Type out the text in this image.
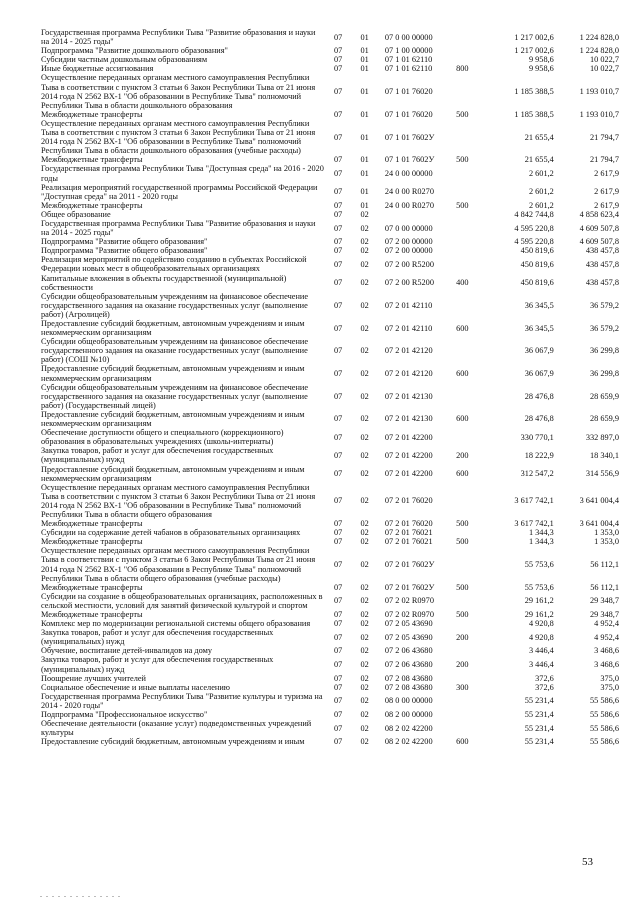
Государственная программа Республики Тыва "Развитие образования и науки на 2014 - 2025 годы"	07	01	07 0 00 00000		1 217 002,6	1 224 828,0
Подпрограмма "Развитие дошкольного образования"	07	01	07 1 00 00000		1 217 002,6	1 224 828,0
Субсидии частным дошкольным образованиям	07	01	07 1 01 62110		9 958,6	10 022,7
Иные бюджетные ассигнования	07	01	07 1 01 62110	800	9 958,6	10 022,7
Осуществление переданных органам местного самоуправления Республики Тыва в соответствии с пунктом 3 статьи 6 Закон Республики Тыва от 21 июня 2014 года N 2562 ВХ-1 "Об образовании в Республике Тыва" полномочий Республики Тыва в области дошкольного образования	07	01	07 1 01 76020		1 185 388,5	1 193 010,7
Межбюджетные трансферты	07	01	07 1 01 76020	500	1 185 388,5	1 193 010,7
Осуществление переданных органам местного самоуправления Республики Тыва в соответствии с пунктом 3 статьи 6 Закон Республики Тыва от 21 июня 2014 года N 2562 ВХ-1 "Об образовании в Республике Тыва" полномочий Республики Тыва в области дошкольного образования (учебные расходы)	07	01	07 1 01 7602У		21 655,4	21 794,7
Межбюджетные трансферты	07	01	07 1 01 7602У	500	21 655,4	21 794,7
Государственная программа Республики Тыва "Доступная среда" на 2016 - 2020 годы	07	01	24 0 00 00000		2 601,2	2 617,9
Реализация мероприятий государственной программы Российской Федерации "Доступная среда" на 2011 - 2020 годы	07	01	24 0 00 R0270		2 601,2	2 617,9
Межбюджетные трансферты	07	01	24 0 00 R0270	500	2 601,2	2 617,9
Общее образование	07	02			4 842 744,8	4 858 623,4
Государственная программа Республики Тыва "Развитие образования и науки на 2014 - 2025 годы"	07	02	07 0 00 00000		4 595 220,8	4 609 507,8
Подпрограмма "Развитие общего образования"	07	02	07 2 00 00000		4 595 220,8	4 609 507,8
Подпрограмма "Развитие общего образования"	07	02	07 2 00 00000		450 819,6	438 457,8
Реализация мероприятий по содействию созданию в субъектах Российской Федерации новых мест в общеобразовательных организациях	07	02	07 2 00 R5200		450 819,6	438 457,8
Капитальные вложения в объекты государственной (муниципальной) собственности	07	02	07 2 00 R5200	400	450 819,6	438 457,8
Субсидии общеобразовательным учреждениям на финансовое обеспечение государственного задания на оказание государственных услуг (выполнение работ) (Агролицей)	07	02	07 2 01 42110		36 345,5	36 579,2
Предоставление субсидий бюджетным, автономным учреждениям и иным некоммерческим организациям	07	02	07 2 01 42110	600	36 345,5	36 579,2
Субсидии общеобразовательным учреждениям на финансовое обеспечение государственного задания на оказание государственных услуг (выполнение работ) (СОШ №10)	07	02	07 2 01 42120		36 067,9	36 299,8
Предоставление субсидий бюджетным, автономным учреждениям и иным некоммерческим организациям	07	02	07 2 01 42120	600	36 067,9	36 299,8
Субсидии общеобразовательным учреждениям на финансовое обеспечение государственного задания на оказание государственных услуг (выполнение работ) (Государственный лицей)	07	02	07 2 01 42130		28 476,8	28 659,9
Предоставление субсидий бюджетным, автономным учреждениям и иным некоммерческим организациям	07	02	07 2 01 42130	600	28 476,8	28 659,9
Обеспечение доступности общего и специального (коррекционного) образования в образовательных учреждениях (школы-интернаты)	07	02	07 2 01 42200		330 770,1	332 897,0
Закупка товаров, работ и услуг для обеспечения государственных (муниципальных) нужд	07	02	07 2 01 42200	200	18 222,9	18 340,1
Предоставление субсидий бюджетным, автономным учреждениям и иным некоммерческим организациям	07	02	07 2 01 42200	600	312 547,2	314 556,9
Осуществление переданных органам местного самоуправления Республики Тыва в соответствии с пунктом 3 статьи 6 Закон Республики Тыва от 21 июня 2014 года N 2562 ВХ-1 "Об образовании в Республике Тыва" полномочий Республики Тыва в области общего образования	07	02	07 2 01 76020		3 617 742,1	3 641 004,4
Межбюджетные трансферты	07	02	07 2 01 76020	500	3 617 742,1	3 641 004,4
Субсидии на содержание детей чабанов в образовательных организациях	07	02	07 2 01 76021		1 344,3	1 353,0
Межбюджетные трансферты	07	02	07 2 01 76021	500	1 344,3	1 353,0
Осуществление переданных органам местного самоуправления Республики Тыва в соответствии с пунктом 3 статьи 6 Закон Республики Тыва от 21 июня 2014 года N 2562 ВХ-1 "Об образовании в Республике Тыва" полномочий Республики Тыва в области общего образования (учебные расходы)	07	02	07 2 01 7602У		55 753,6	56 112,1
Межбюджетные трансферты	07	02	07 2 01 7602У	500	55 753,6	56 112,1
Субсидии на создание в общеобразовательных организациях, расположенных в сельской местности, условий для занятий физической культурой и спортом	07	02	07 2 02 R0970		29 161,2	29 348,7
Межбюджетные трансферты	07	02	07 2 02 R0970	500	29 161,2	29 348,7
Комплекс мер по модернизации региональной системы общего образования	07	02	07 2 05 43690		4 920,8	4 952,4
Закупка товаров, работ и услуг для обеспечения государственных (муниципальных) нужд	07	02	07 2 05 43690	200	4 920,8	4 952,4
Обучение, воспитание детей-инвалидов на дому	07	02	07 2 06 43680		3 446,4	3 468,6
Закупка товаров, работ и услуг для обеспечения государственных (муниципальных) нужд	07	02	07 2 06 43680	200	3 446,4	3 468,6
Поощрение лучших учителей	07	02	07 2 08 43680		372,6	375,0
Социальное обеспечение и иные выплаты населению	07	02	07 2 08 43680	300	372,6	375,0
Государственная программа Республики Тыва "Развитие культуры и туризма на 2014 - 2020 годы"	07	02	08 0 00 00000		55 231,4	55 586,6
Подпрограмма "Профессиональное искусство"	07	02	08 2 00 00000		55 231,4	55 586,6
Обеспечение деятельности (оказание услуг) подведомственных учреждений культуры	07	02	08 2 02 42200		55 231,4	55 586,6
Предоставление субсидий бюджетным, автономным учреждениям и иным	07	02	08 2 02 42200	600	55 231,4	55 586,6
53
